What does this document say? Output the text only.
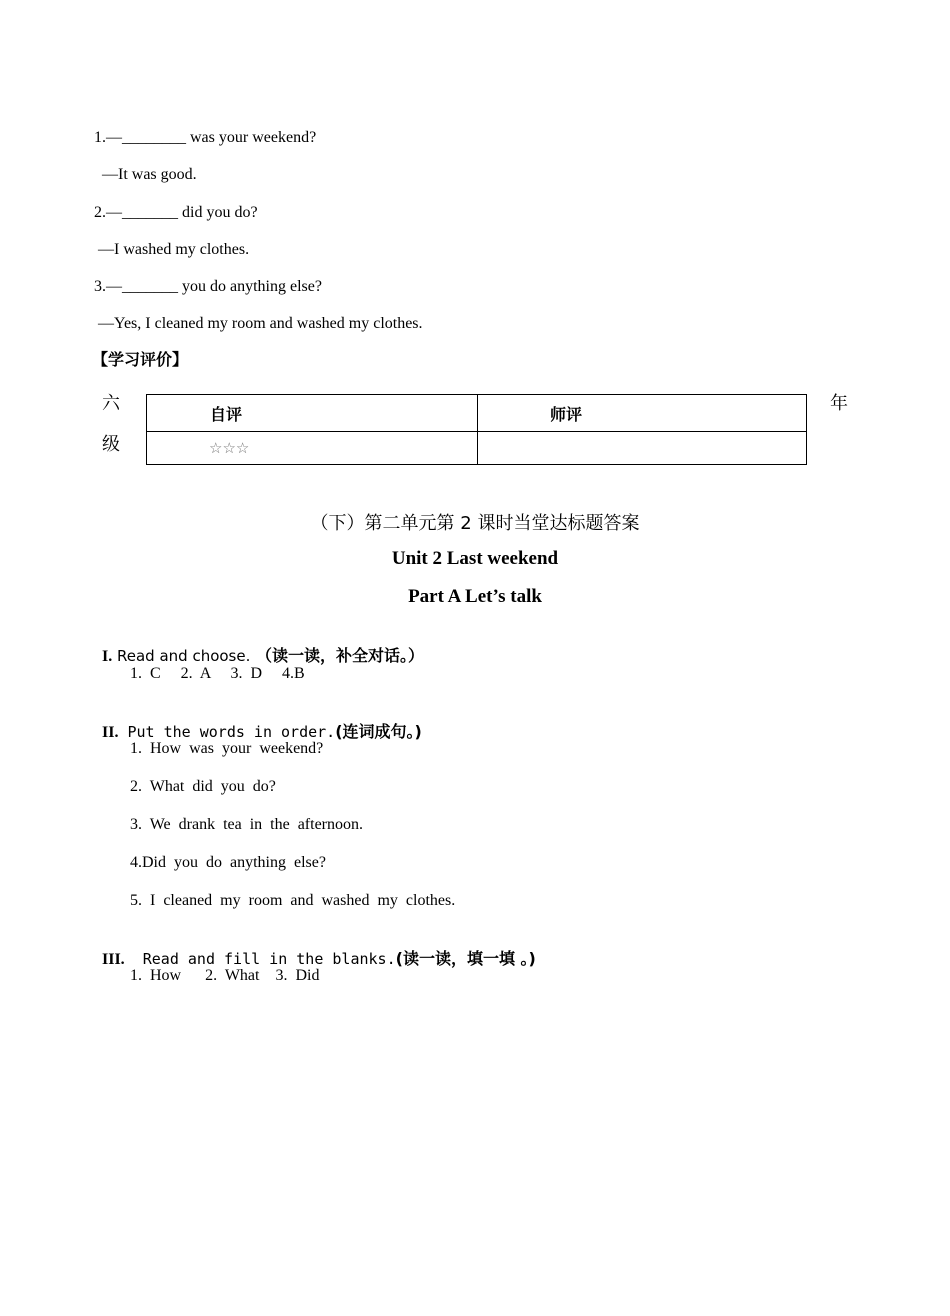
1.—________ was your weekend?
—It was good.
2.—_______ did you do?
—I washed my clothes.
3.—_______ you do anything else?
—Yes, I cleaned my room and washed my clothes.
【学习评价】
六
级
年
自评	师评
☆☆☆	
（下）第二单元第 2 课时当堂达标题答案
Unit 2 Last weekend
Part A Let’s talk

I. Read and choose. （读一读，补全对话。）

1.  C     2.  A     3.  D     4.B

II. Put the words in order.(连词成句。)

1.  How  was  your  weekend?
2.  What  did  you  do?
3.  We  drank  tea  in  the  afternoon.
4.Did  you  do  anything  else?
5.  I  cleaned  my  room  and  washed  my  clothes.

III.  Read and fill in the blanks.(读一读，填一填 。)

1.  How      2.  What    3.  Did
